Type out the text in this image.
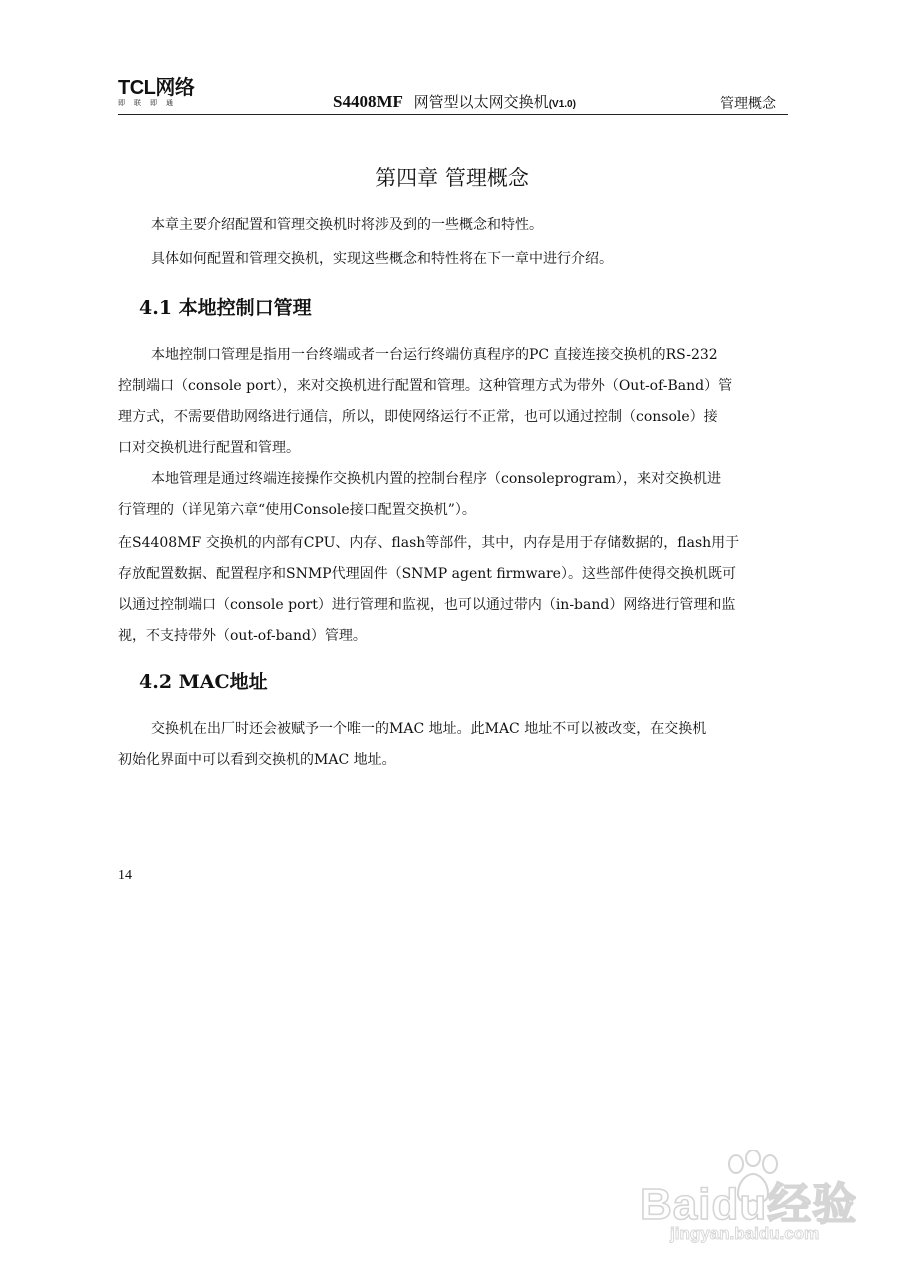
TCL网络
即联即通	S4408MF 网管型以太网交换机(V1.0)	管理概念
第四章 管理概念
本章主要介绍配置和管理交换机时将涉及到的一些概念和特性。
具体如何配置和管理交换机，实现这些概念和特性将在下一章中进行介绍。
4.1 本地控制口管理
本地控制口管理是指用一台终端或者一台运行终端仿真程序的PC 直接连接交换机的RS-232
控制端口（console port），来对交换机进行配置和管理。这种管理方式为带外（Out-of-Band）管
理方式，不需要借助网络进行通信，所以，即使网络运行不正常，也可以通过控制（console）接
口对交换机进行配置和管理。
本地管理是通过终端连接操作交换机内置的控制台程序（consoleprogram），来对交换机进
行管理的（详见第六章“使用Console接口配置交换机”）。
在S4408MF 交换机的内部有CPU、内存、flash等部件，其中，内存是用于存储数据的，flash用于
存放配置数据、配置程序和SNMP代理固件（SNMP agent firmware）。这些部件使得交换机既可
以通过控制端口（console port）进行管理和监视，也可以通过带内（in-band）网络进行管理和监
视，不支持带外（out-of-band）管理。
4.2 MAC地址
交换机在出厂时还会被赋予一个唯一的MAC 地址。此MAC 地址不可以被改变，在交换机
初始化界面中可以看到交换机的MAC 地址。
14
Baidu经验
jingyan.baidu.com
